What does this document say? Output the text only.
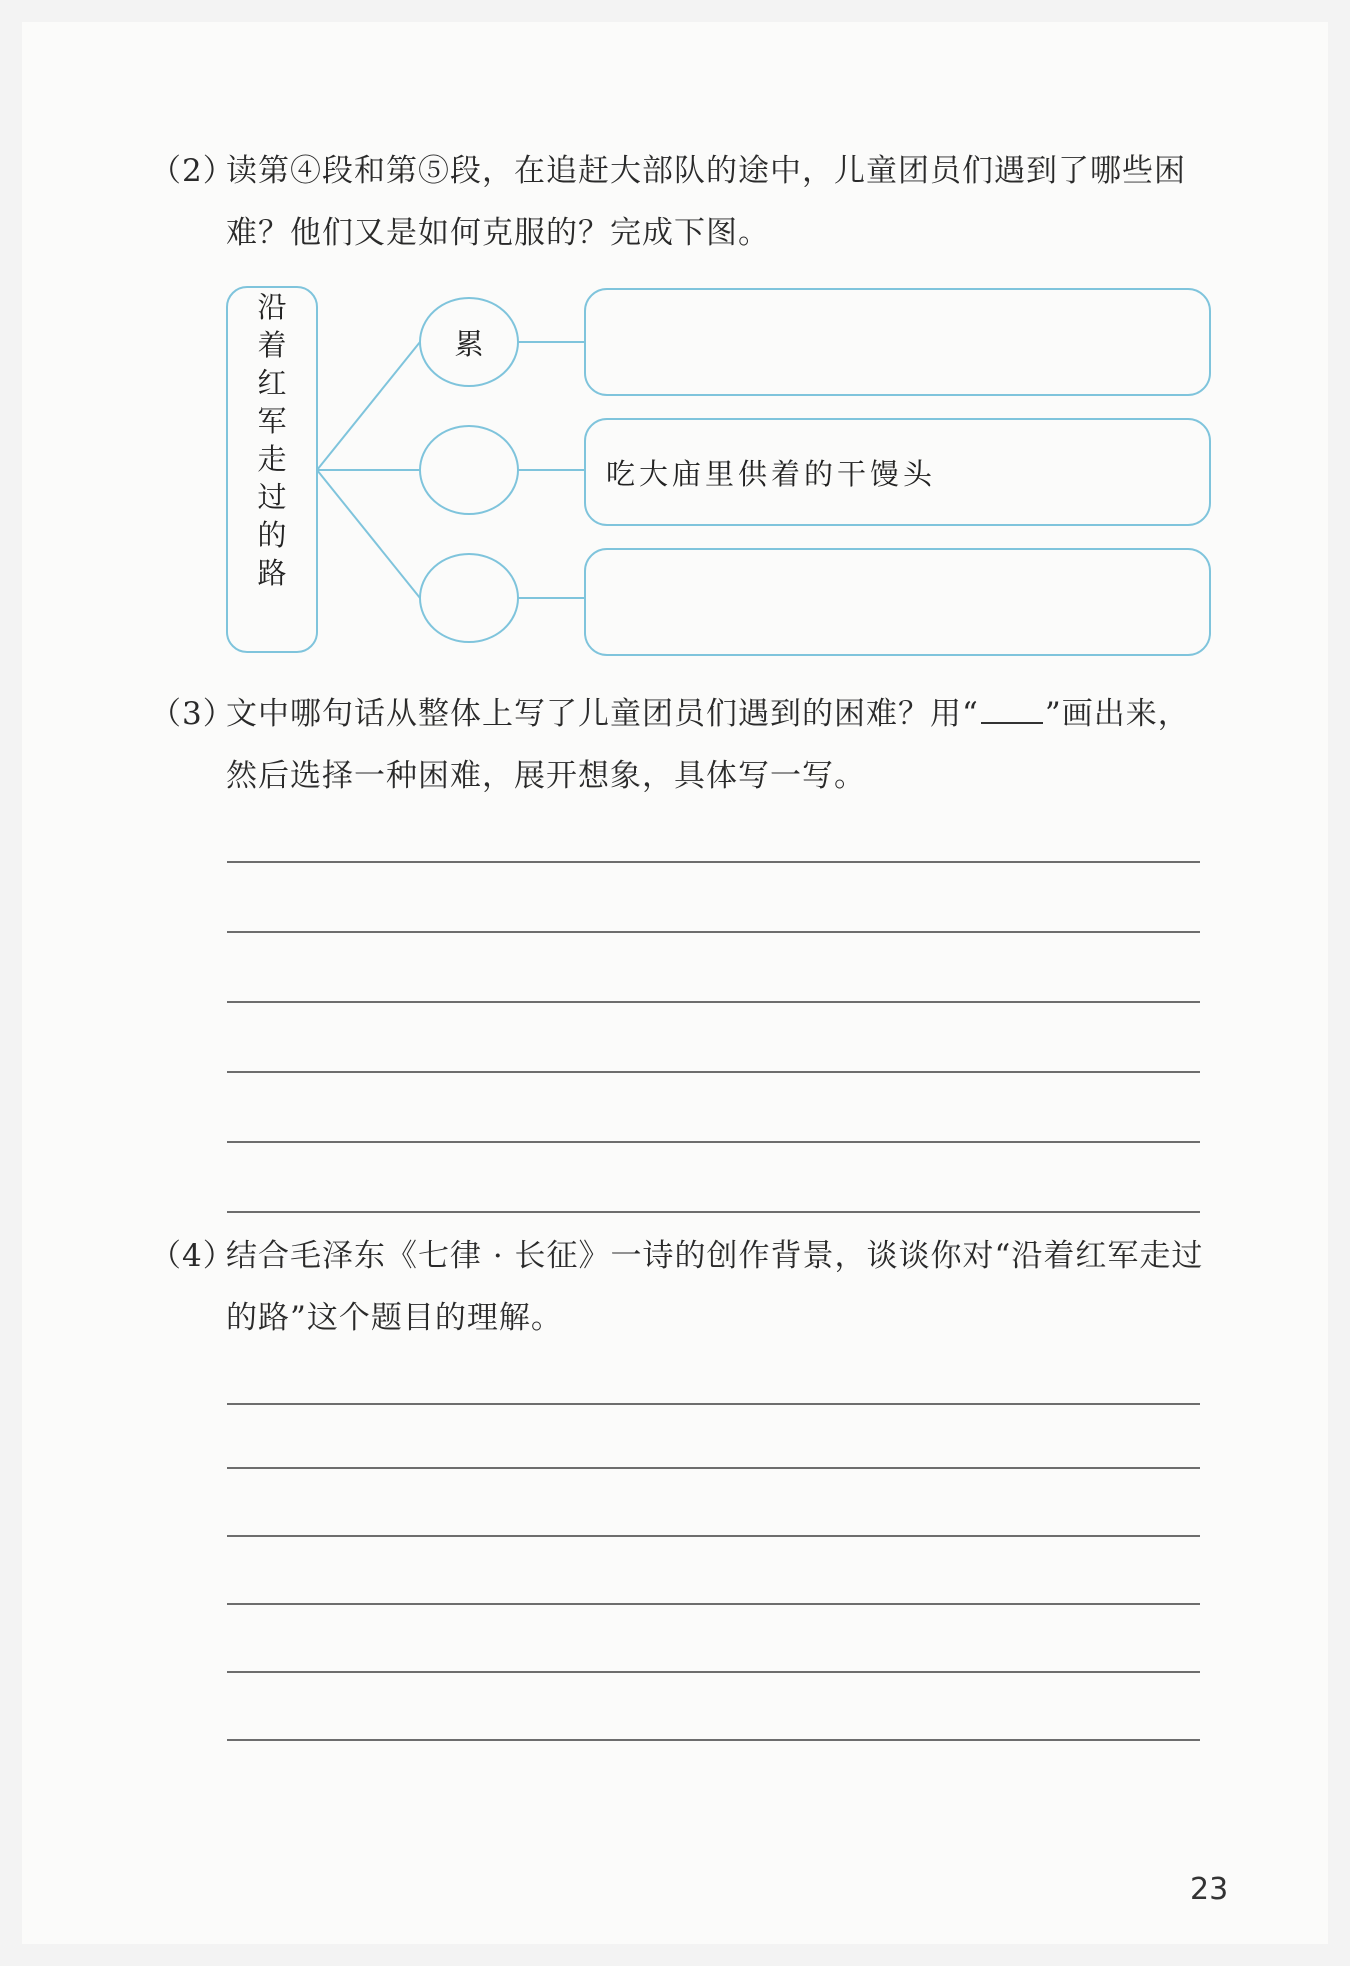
（2）
读第④段和第⑤段，在追赶大部队的途中，儿童团员们遇到了哪些困难？他们又是如何克服的？完成下图。
沿
着
红
军
走
过
的
路
累
吃大庙里供着的干馒头
（3）
文中哪句话从整体上写了儿童团员们遇到的困难？用“ ”画出来，然后选择一种困难，展开想象，具体写一写。
（4）
结合毛泽东《七律 · 长征》一诗的创作背景，谈谈你对“沿着红军走过的路”这个题目的理解。
23
